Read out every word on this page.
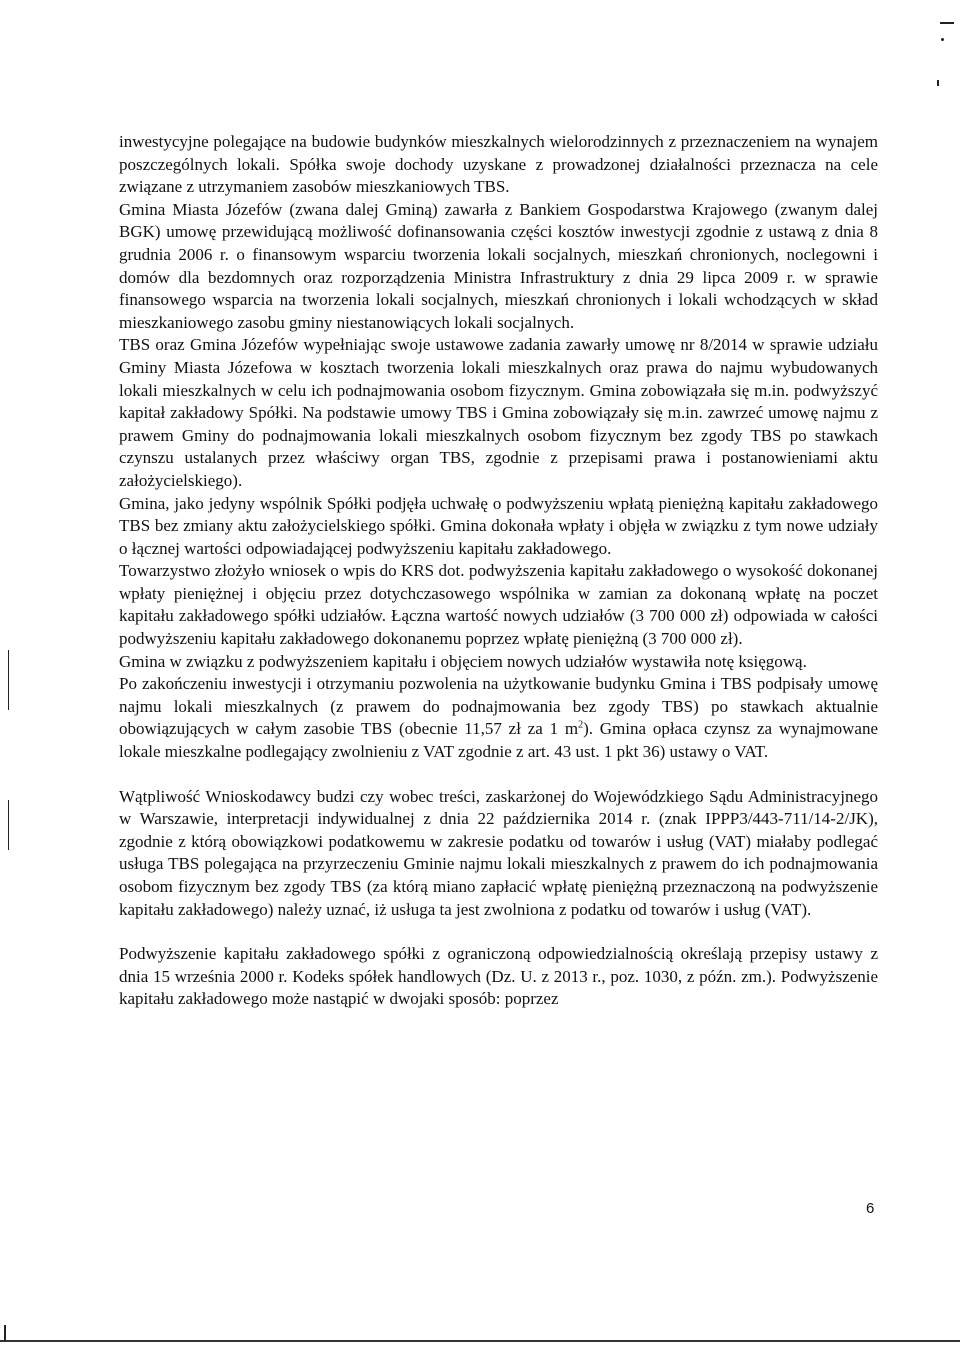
inwestycyjne polegające na budowie budynków mieszkalnych wielorodzinnych z przeznaczeniem na wynajem poszczególnych lokali. Spółka swoje dochody uzyskane z prowadzonej działalności przeznacza na cele związane z utrzymaniem zasobów mieszkaniowych TBS.

Gmina Miasta Józefów (zwana dalej Gminą) zawarła z Bankiem Gospodarstwa Krajowego (zwanym dalej BGK) umowę przewidującą możliwość dofinansowania części kosztów inwestycji zgodnie z ustawą z dnia 8 grudnia 2006 r. o finansowym wsparciu tworzenia lokali socjalnych, mieszkań chronionych, noclegowni i domów dla bezdomnych oraz rozporządzenia Ministra Infrastruktury z dnia 29 lipca 2009 r. w sprawie finansowego wsparcia na tworzenia lokali socjalnych, mieszkań chronionych i lokali wchodzących w skład mieszkaniowego zasobu gminy niestanowiących lokali socjalnych.

TBS oraz Gmina Józefów wypełniając swoje ustawowe zadania zawarły umowę nr 8/2014 w sprawie udziału Gminy Miasta Józefowa w kosztach tworzenia lokali mieszkalnych oraz prawa do najmu wybudowanych lokali mieszkalnych w celu ich podnajmowania osobom fizycznym. Gmina zobowiązała się m.in. podwyższyć kapitał zakładowy Spółki. Na podstawie umowy TBS i Gmina zobowiązały się m.in. zawrzeć umowę najmu z prawem Gminy do podnajmowania lokali mieszkalnych osobom fizycznym bez zgody TBS po stawkach czynszu ustalanych przez właściwy organ TBS, zgodnie z przepisami prawa i postanowieniami aktu założycielskiego).

Gmina, jako jedyny wspólnik Spółki podjęła uchwałę o podwyższeniu wpłatą pieniężną kapitału zakładowego TBS bez zmiany aktu założycielskiego spółki. Gmina dokonała wpłaty i objęła w związku z tym nowe udziały o łącznej wartości odpowiadającej podwyższeniu kapitału zakładowego.

Towarzystwo złożyło wniosek o wpis do KRS dot. podwyższenia kapitału zakładowego o wysokość dokonanej wpłaty pieniężnej i objęciu przez dotychczasowego wspólnika w zamian za dokonaną wpłatę na poczet kapitału zakładowego spółki udziałów. Łączna wartość nowych udziałów (3 700 000 zł) odpowiada w całości podwyższeniu kapitału zakładowego dokonanemu poprzez wpłatę pieniężną (3 700 000 zł).

Gmina w związku z podwyższeniem kapitału i objęciem nowych udziałów wystawiła notę księgową.

Po zakończeniu inwestycji i otrzymaniu pozwolenia na użytkowanie budynku Gmina i TBS podpisały umowę najmu lokali mieszkalnych (z prawem do podnajmowania bez zgody TBS) po stawkach aktualnie obowiązujących w całym zasobie TBS (obecnie 11,57 zł za 1 $m^2$). Gmina opłaca czynsz za wynajmowane lokale mieszkalne podlegający zwolnieniu z VAT zgodnie z art. 43 ust. 1 pkt 36) ustawy o VAT.

Wątpliwość Wnioskodawcy budzi czy wobec treści, zaskarżonej do Wojewódzkiego Sądu Administracyjnego w Warszawie, interpretacji indywidualnej z dnia 22 października 2014 r. (znak IPPP3/443-711/14-2/JK), zgodnie z którą obowiązkowi podatkowemu w zakresie podatku od towarów i usług (VAT) miałaby podlegać usługa TBS polegająca na przyrzeczeniu Gminie najmu lokali mieszkalnych z prawem do ich podnajmowania osobom fizycznym bez zgody TBS (za którą miano zapłacić wpłatę pieniężną przeznaczoną na podwyższenie kapitału zakładowego) należy uznać, iż usługa ta jest zwolniona z podatku od towarów i usług (VAT).

Podwyższenie kapitału zakładowego spółki z ograniczoną odpowiedzialnością określają przepisy ustawy z dnia 15 września 2000 r. Kodeks spółek handlowych (Dz. U. z 2013 r., poz. 1030, z późn. zm.). Podwyższenie kapitału zakładowego może nastąpić w dwojaki sposób: poprzez

6
